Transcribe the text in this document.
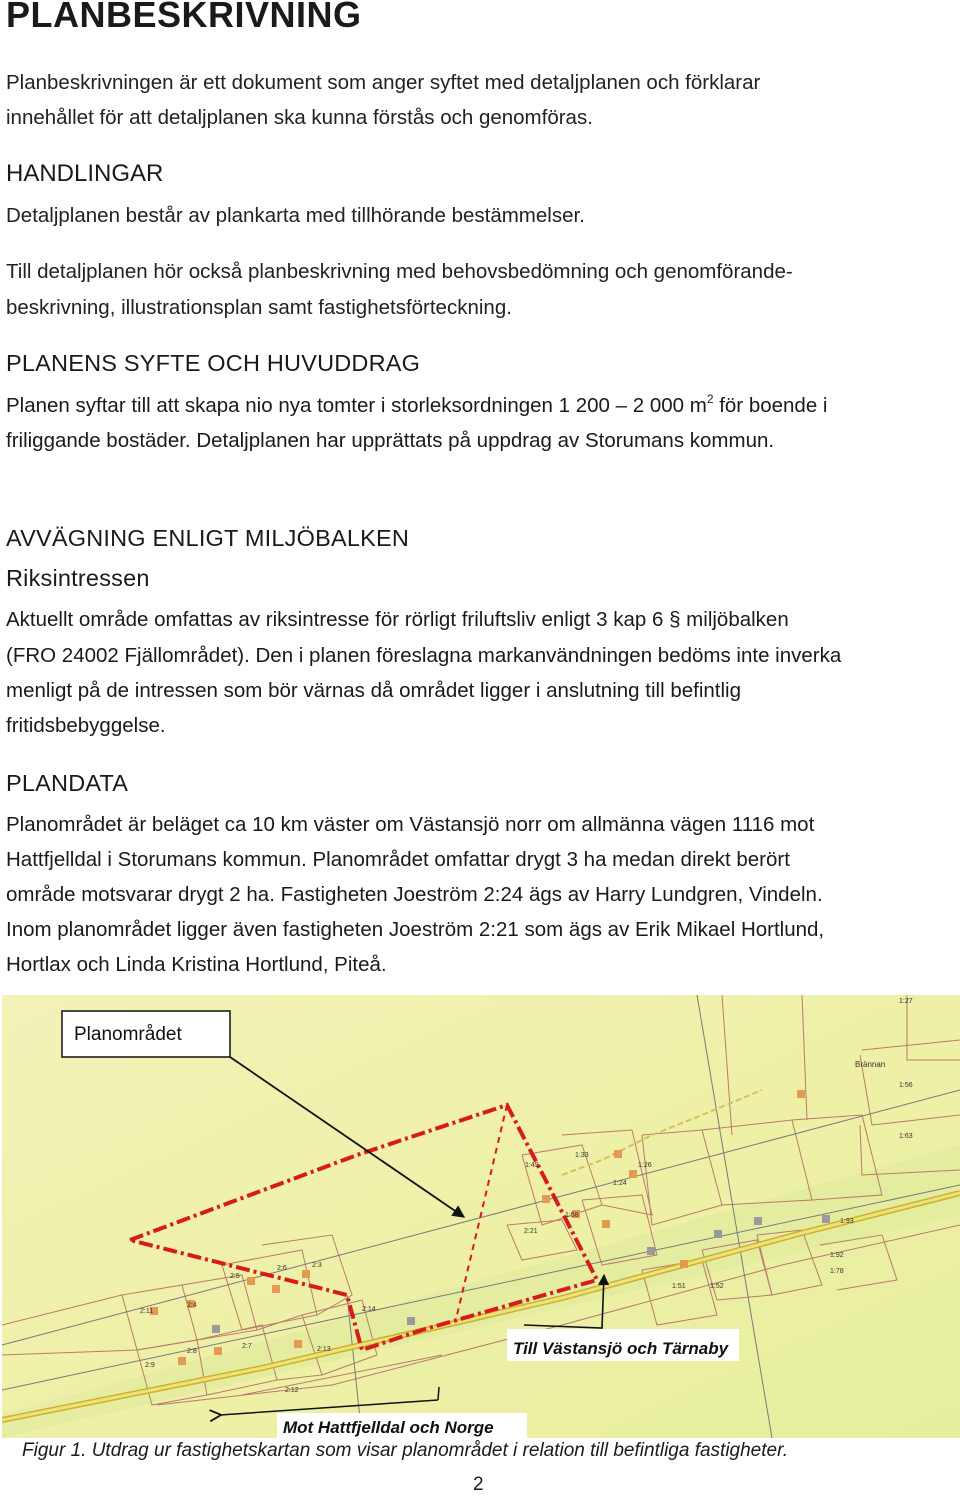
PLANBESKRIVNING
Planbeskrivningen är ett dokument som anger syftet med detaljplanen och förklarar
innehållet för att detaljplanen ska kunna förstås och genomföras.
HANDLINGAR
Detaljplanen består av plankarta med tillhörande bestämmelser.
Till detaljplanen hör också planbeskrivning med behovsbedömning och genomförande-
beskrivning, illustrationsplan samt fastighetsförteckning.
PLANENS SYFTE OCH HUVUDDRAG
Planen syftar till att skapa nio nya tomter i storleksordningen 1 200 – 2 000 $m^2$ för boende i
friliggande bostäder. Detaljplanen har upprättats på uppdrag av Storumans kommun.
AVVÄGNING ENLIGT MILJÖBALKEN
Riksintressen
Aktuellt område omfattas av riksintresse för rörligt friluftsliv enligt 3 kap 6 § miljöbalken
(FRO 24002 Fjällområdet). Den i planen föreslagna markanvändningen bedöms inte inverka
menligt på de intressen som bör värnas då området ligger i anslutning till befintlig
fritidsbebyggelse.
PLANDATA
Planområdet är beläget ca 10 km väster om Västansjö norr om allmänna vägen 1116 mot
Hattfjelldal i Storumans kommun. Planområdet omfattar drygt 3 ha medan direkt berört
område motsvarar drygt 2 ha. Fastigheten Joeström 2:24 ägs av Harry Lundgren, Vindeln.
Inom planområdet ligger även fastigheten Joeström 2:21 som ägs av Erik Mikael Hortlund,
Hortlax och Linda Kristina Hortlund, Piteå.
1:27
1:56
1:63
1:33
1:26
1:24
1:49
1:58
2:21
1:93
1:92
1:78
1:51	1:52
2:5
2:6	2:3
2:11
2:4
2:14
2:7
2:8	2:13
2:9
2:12
Brännan
Planområdet
Till Västansjö och Tärnaby
Mot Hattfjelldal och Norge
Figur 1. Utdrag ur fastighetskartan som visar planområdet i relation till befintliga fastigheter.
2
